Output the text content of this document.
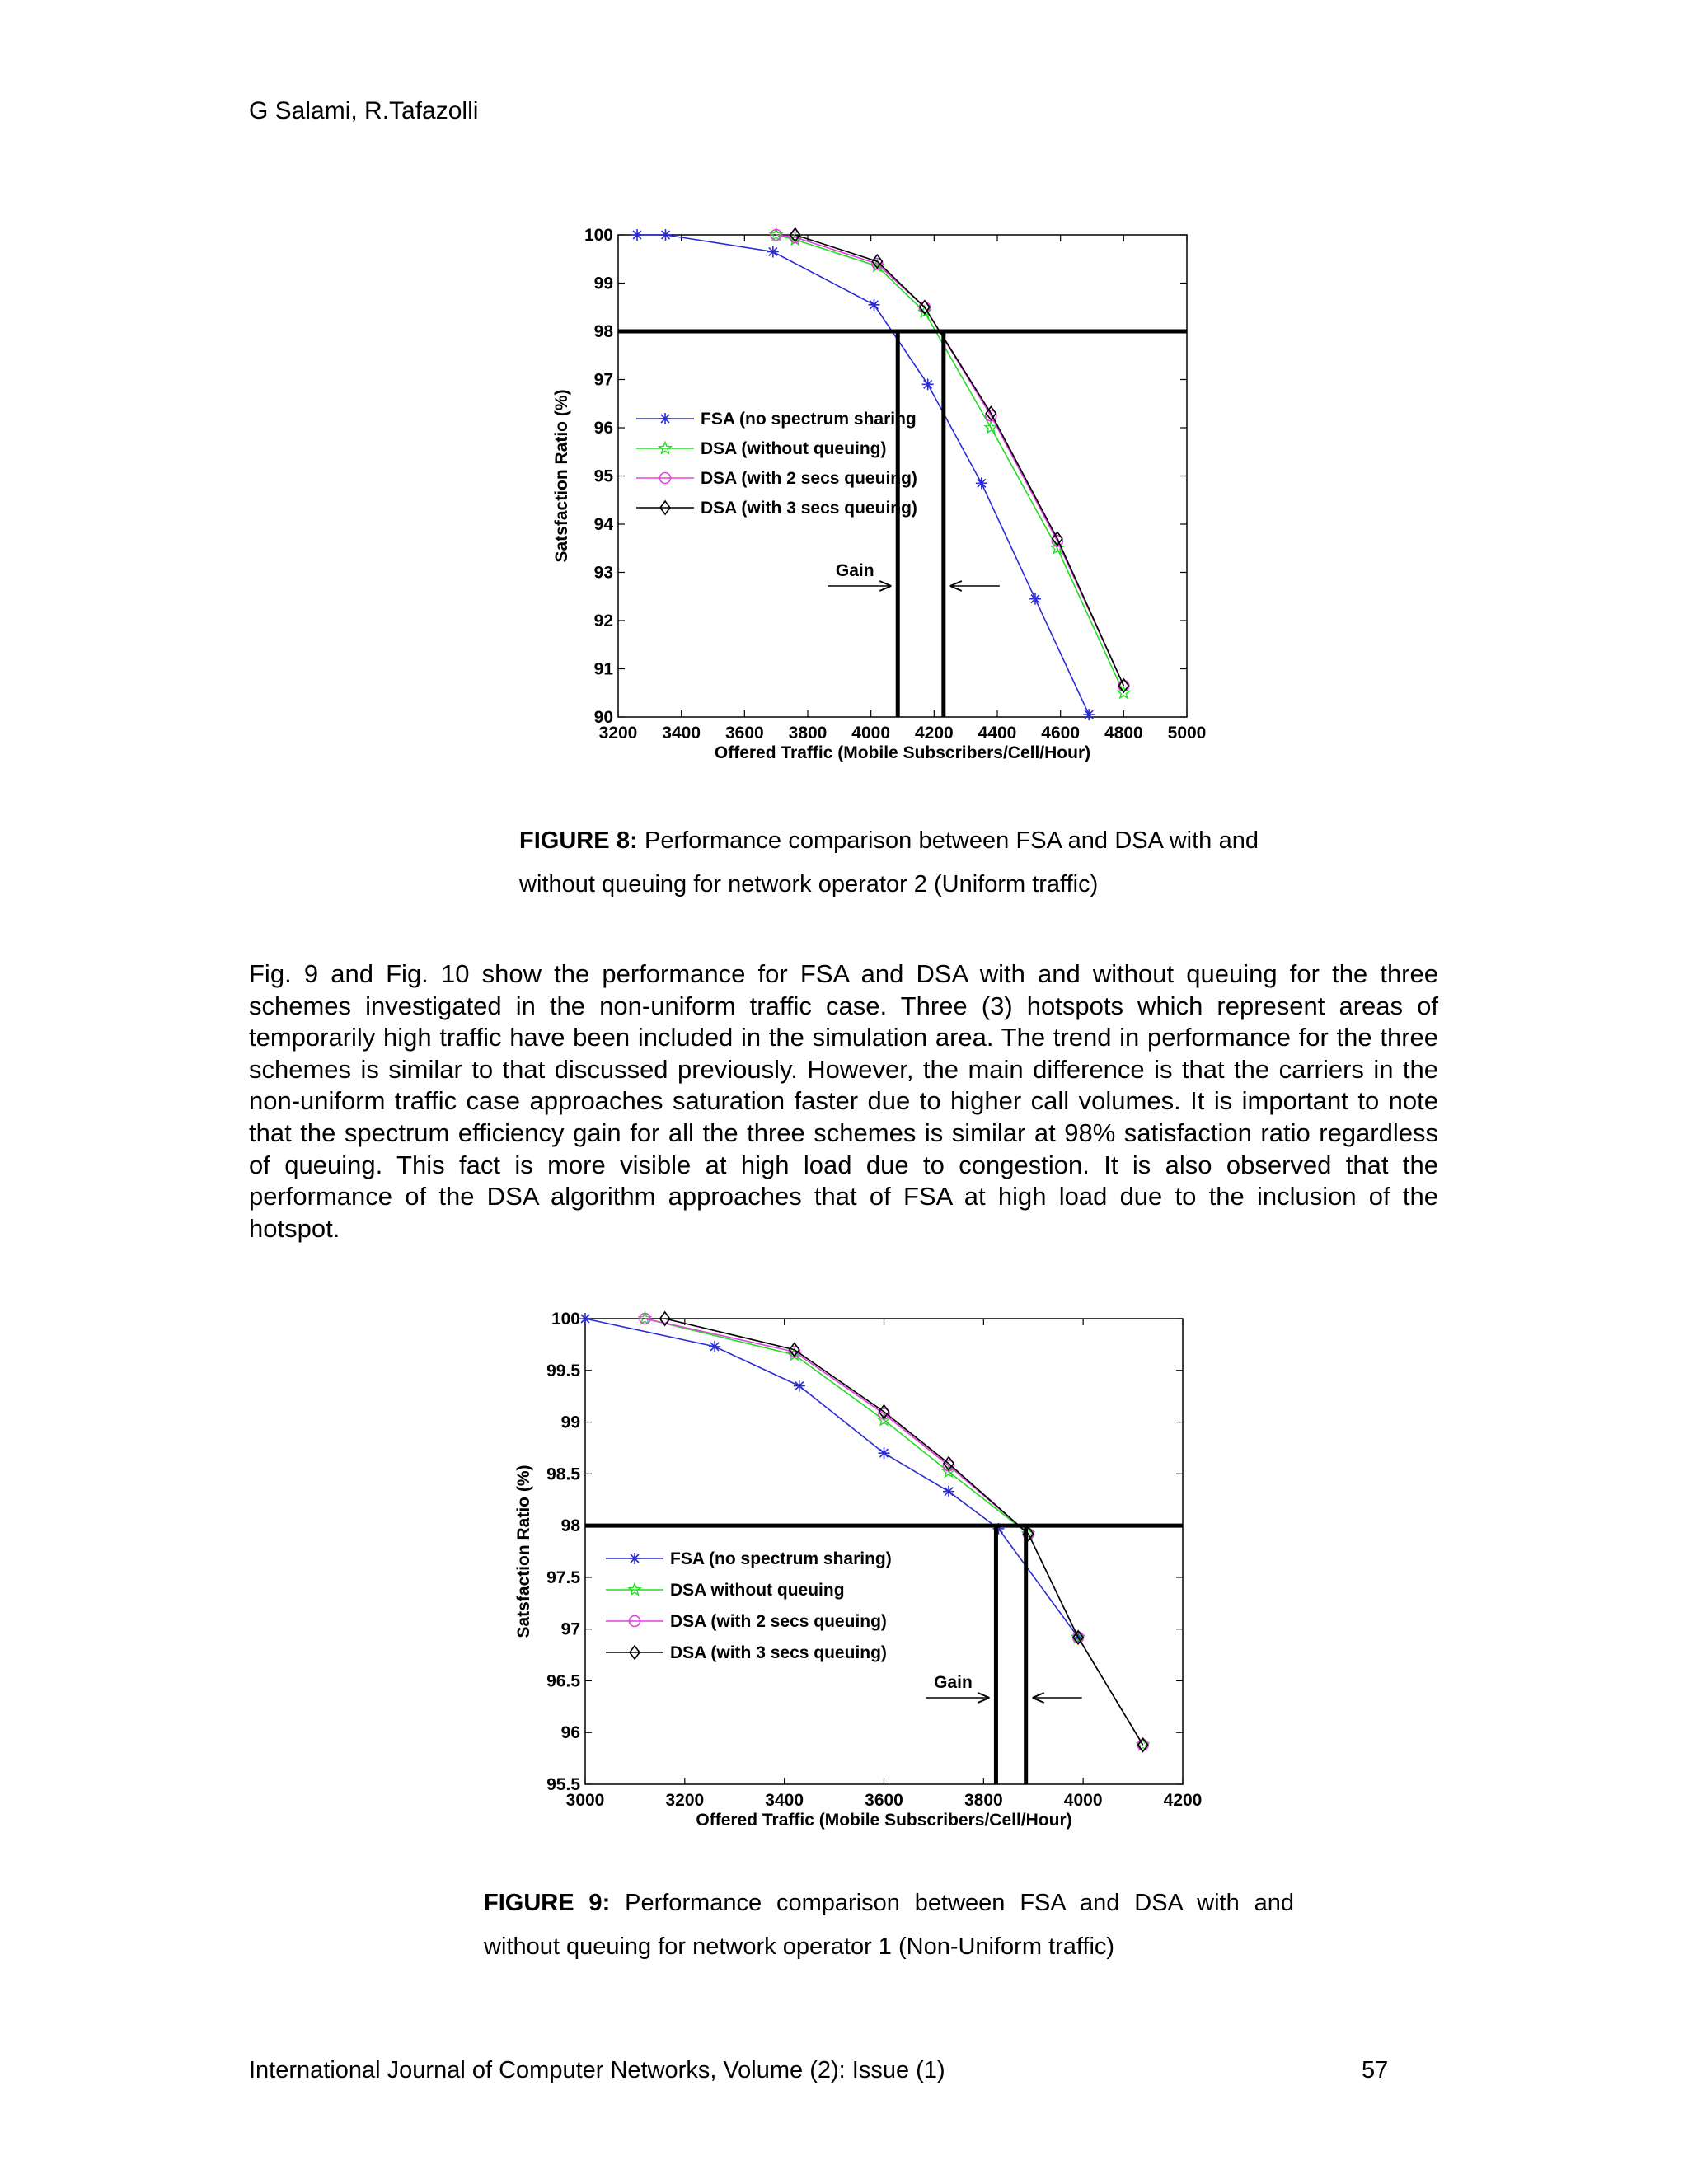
G Salami, R.Tafazolli
3200 3400 3600 3800 4000 4200 4400 4600 4800 5000
90
91
92
93
94
95
96
97
98
99
100
Offered Traffic (Mobile Subscribers/Cell/Hour)
Satsfaction Ratio (%)
Gain
FSA (no spectrum sharing
DSA (without queuing)
DSA (with 2 secs queuing)
DSA (with 3 secs queuing)
FIGURE 8: Performance comparison between FSA and DSA with and without queuing for network operator 2 (Uniform traffic)
Fig. 9 and Fig. 10 show the performance for FSA and DSA with and without queuing for the three schemes investigated in the non-uniform traffic case. Three (3) hotspots which represent areas of temporarily high traffic have been included in the simulation area. The trend in performance for the three schemes is similar to that discussed previously. However, the main difference is that the carriers in the non-uniform traffic case approaches saturation faster due to higher call volumes. It is important to note that the spectrum efficiency gain for all the three schemes is similar at 98% satisfaction ratio regardless of queuing. This fact is more visible at high load due to congestion. It is also observed that the performance of the DSA algorithm approaches that of FSA at high load due to the inclusion of the hotspot.
3000	3200	3400	3600	3800	4000	4200
95.5
96
96.5
97
97.5
98
98.5
99
99.5
100
Offered Traffic (Mobile Subscribers/Cell/Hour)
Satsfaction Ratio (%)
Gain
FSA (no spectrum sharing)
DSA without queuing
DSA (with 2 secs queuing)
DSA (with 3 secs queuing)
FIGURE 9: Performance comparison between FSA and DSA with and without queuing for network operator 1 (Non-Uniform traffic)
International Journal of Computer Networks, Volume (2): Issue (1)	57
